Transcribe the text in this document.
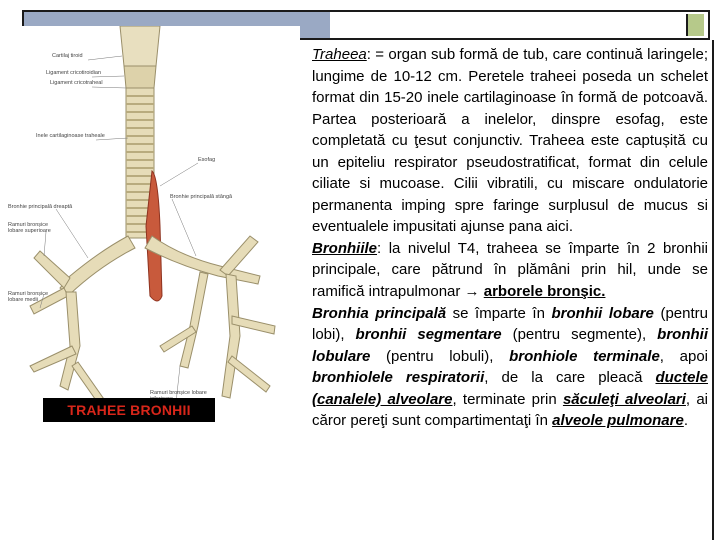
Cartilaj tiroid
Ligament cricotiroidian
Ligament cricotraheal
Inele cartilaginoase traheale
Esofag
Bronhie principală stângă
Bronhie principală dreaptă
Ramuri bronșice lobare superioare
Ramuri bronșice lobare medii
Ramuri bronșice lobare
TRAHEE BRONHII

Traheea: = organ sub formă de tub, care continuă laringele; lungime de 10-12 cm. Peretele traheei poseda un schelet format din 15-20 inele cartilaginoase în formă de potcoavă. Partea posterioară a inelelor, dinspre esofag, este completată cu ţesut conjunctiv. Traheea este captușită cu un epiteliu respirator pseudostratificat, format din celule ciliate si mucoase. Cilii vibratili, cu miscare ondulatorie permanenta imping spre faringe surplusul de mucus si eventualele impusitati ajunse pana aici.

Bronhiile: la nivelul T4, traheea se împarte în 2 bronhii principale, care pătrund în plămâni prin hil, unde se ramifică intrapulmonar → arborele bronşic.

Bronhia principală se împarte în bronhii lobare (pentru lobi), bronhii segmentare (pentru segmente), bronhii lobulare (pentru lobuli), bronhiole terminale, apoi bronhiolele respiratorii, de la care pleacă ductele (canalele) alveolare, terminate prin săculeţi alveolari, ai căror pereţi sunt compartimentaţi în alveole pulmonare.
